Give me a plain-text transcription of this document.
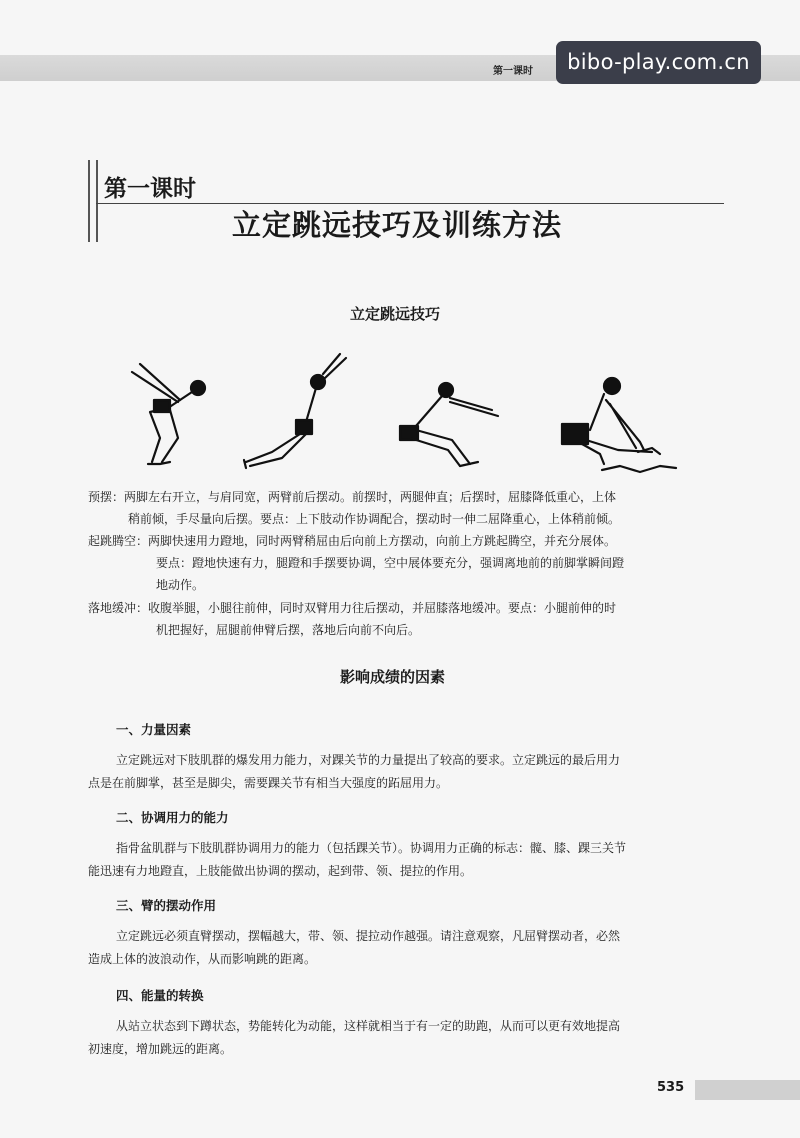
第一课时	bibo-play.com.cn
第一课时
立定跳远技巧及训练方法
立定跳远技巧
预摆：两脚左右开立，与肩同宽，两臂前后摆动。前摆时，两腿伸直；后摆时，屈膝降低重心，上体
稍前倾，手尽量向后摆。要点：上下肢动作协调配合，摆动时一伸二屈降重心，上体稍前倾。
起跳腾空：两脚快速用力蹬地，同时两臂稍屈由后向前上方摆动，向前上方跳起腾空，并充分展体。
要点：蹬地快速有力，腿蹬和手摆要协调，空中展体要充分，强调离地前的前脚掌瞬间蹬
地动作。
落地缓冲：收腹举腿，小腿往前伸，同时双臂用力往后摆动，并屈膝落地缓冲。要点：小腿前伸的时
机把握好，屈腿前伸臂后摆，落地后向前不向后。
影响成绩的因素
一、力量因素
立定跳远对下肢肌群的爆发用力能力，对踝关节的力量提出了较高的要求。立定跳远的最后用力
点是在前脚掌，甚至是脚尖，需要踝关节有相当大强度的跖屈用力。
二、协调用力的能力
指骨盆肌群与下肢肌群协调用力的能力（包括踝关节）。协调用力正确的标志：髋、膝、踝三关节
能迅速有力地蹬直，上肢能做出协调的摆动，起到带、领、提拉的作用。
三、臂的摆动作用
立定跳远必须直臂摆动，摆幅越大，带、领、提拉动作越强。请注意观察，凡屈臂摆动者，必然
造成上体的波浪动作，从而影响跳的距离。
四、能量的转换
从站立状态到下蹲状态，势能转化为动能，这样就相当于有一定的助跑，从而可以更有效地提高
初速度，增加跳远的距离。
535
